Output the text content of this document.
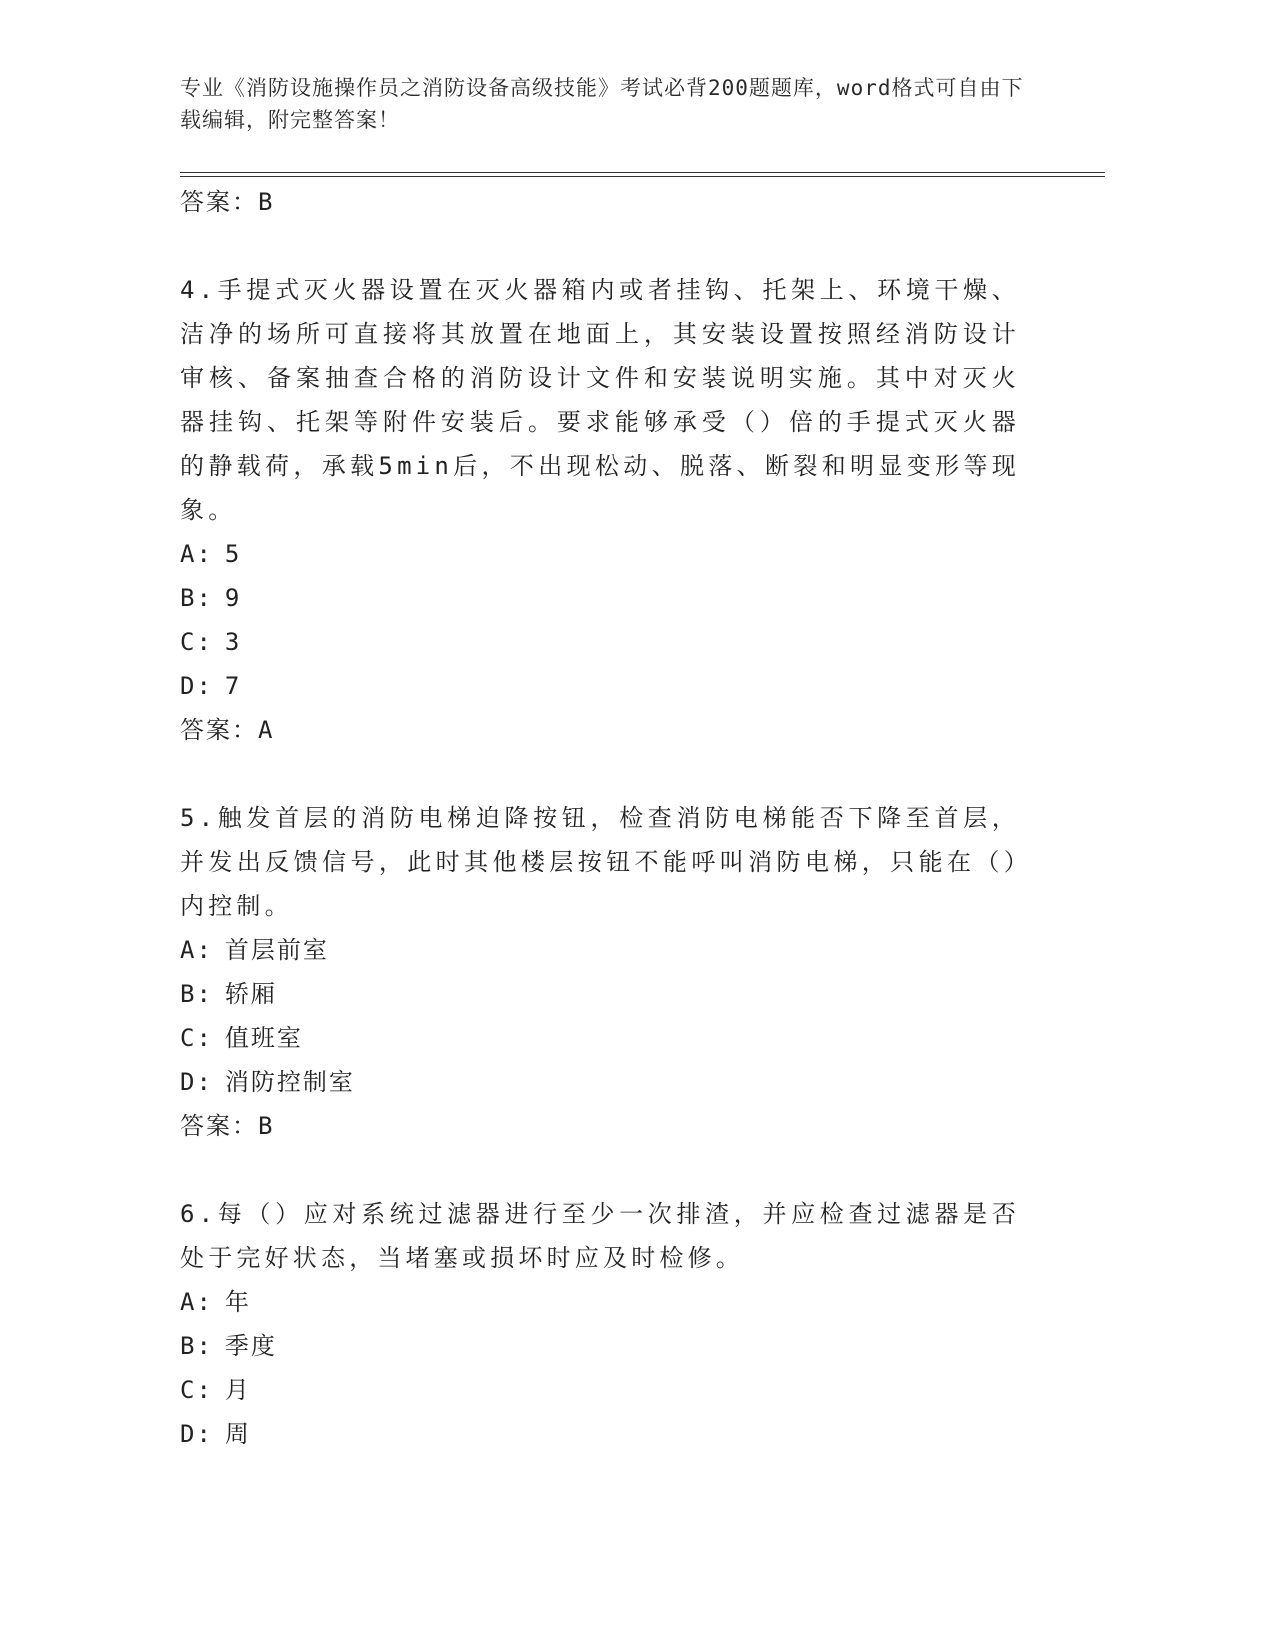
专业《消防设施操作员之消防设备高级技能》考试必背200题题库，word格式可自由下载编辑，附完整答案！

答案：B

4.手提式灭火器设置在灭火器箱内或者挂钩、托架上、环境干燥、洁净的场所可直接将其放置在地面上，其安装设置按照经消防设计审核、备案抽查合格的消防设计文件和安装说明实施。其中对灭火器挂钩、托架等附件安装后。要求能够承受（）倍的手提式灭火器的静载荷，承载5min后，不出现松动、脱落、断裂和明显变形等现象。

A: 5

B: 9

C: 3

D: 7

答案：A

5.触发首层的消防电梯迫降按钮，检查消防电梯能否下降至首层，并发出反馈信号，此时其他楼层按钮不能呼叫消防电梯，只能在（）内控制。

A: 首层前室

B: 轿厢

C: 值班室

D: 消防控制室

答案：B

6.每（）应对系统过滤器进行至少一次排渣，并应检查过滤器是否处于完好状态，当堵塞或损坏时应及时检修。

A: 年

B: 季度

C: 月

D: 周
